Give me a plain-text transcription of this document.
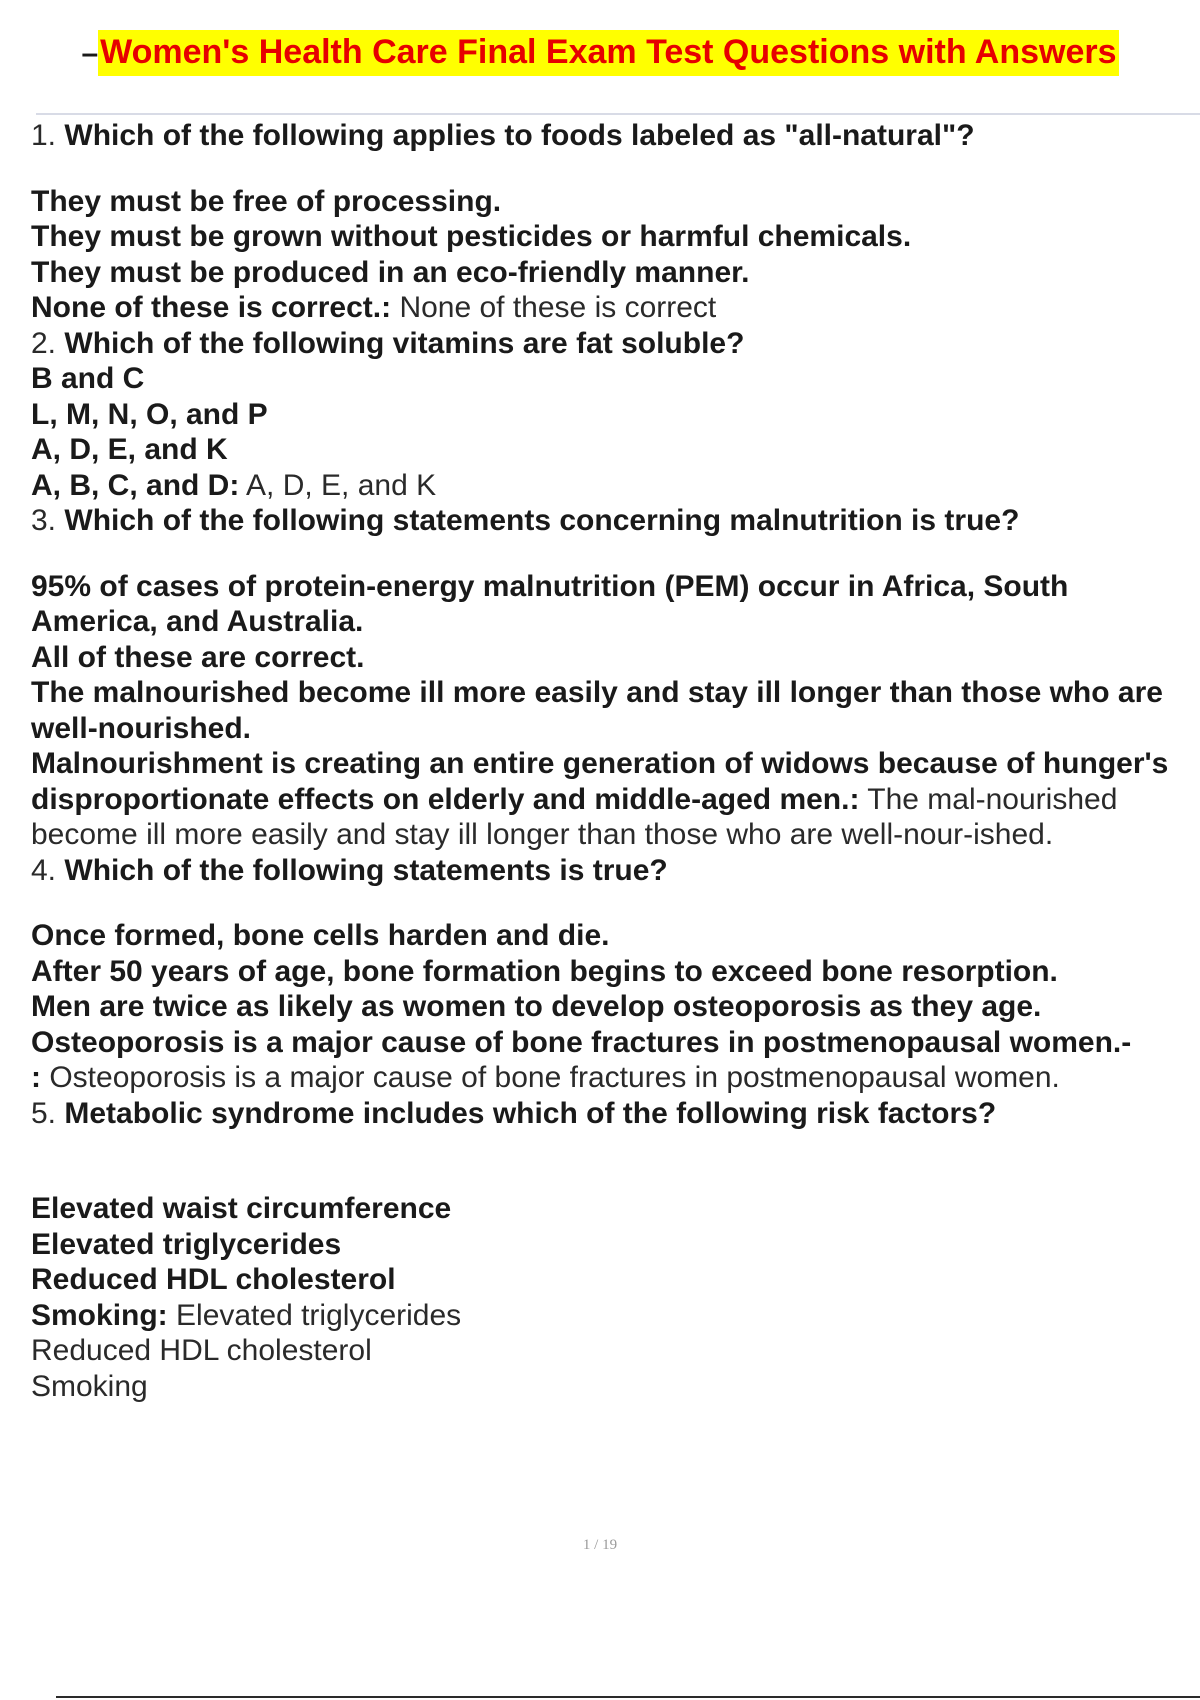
–Women's Health Care Final Exam Test Questions with Answers
1. Which of the following applies to foods labeled as "all-natural"?
They must be free of processing.
They must be grown without pesticides or harmful chemicals.
They must be produced in an eco-friendly manner.
None of these is correct.: None of these is correct
2. Which of the following vitamins are fat soluble?
B and C
L, M, N, O, and P
A, D, E, and K
A, B, C, and D: A, D, E, and K
3. Which of the following statements concerning malnutrition is true?
95% of cases of protein-energy malnutrition (PEM) occur in Africa, South America, and Australia.
All of these are correct.
The malnourished become ill more easily and stay ill longer than those who are well-nourished.
Malnourishment is creating an entire generation of widows because of hunger's disproportionate effects on elderly and middle-aged men.: The mal-nourished become ill more easily and stay ill longer than those who are well-nour-ished.
4. Which of the following statements is true?
Once formed, bone cells harden and die.
After 50 years of age, bone formation begins to exceed bone resorption.
Men are twice as likely as women to develop osteoporosis as they age.
Osteoporosis is a major cause of bone fractures in postmenopausal women.-
: Osteoporosis is a major cause of bone fractures in postmenopausal women.
5. Metabolic syndrome includes which of the following risk factors?
Elevated waist circumference
Elevated triglycerides
Reduced HDL cholesterol
Smoking: Elevated triglycerides
Reduced HDL cholesterol
Smoking
1 / 19
